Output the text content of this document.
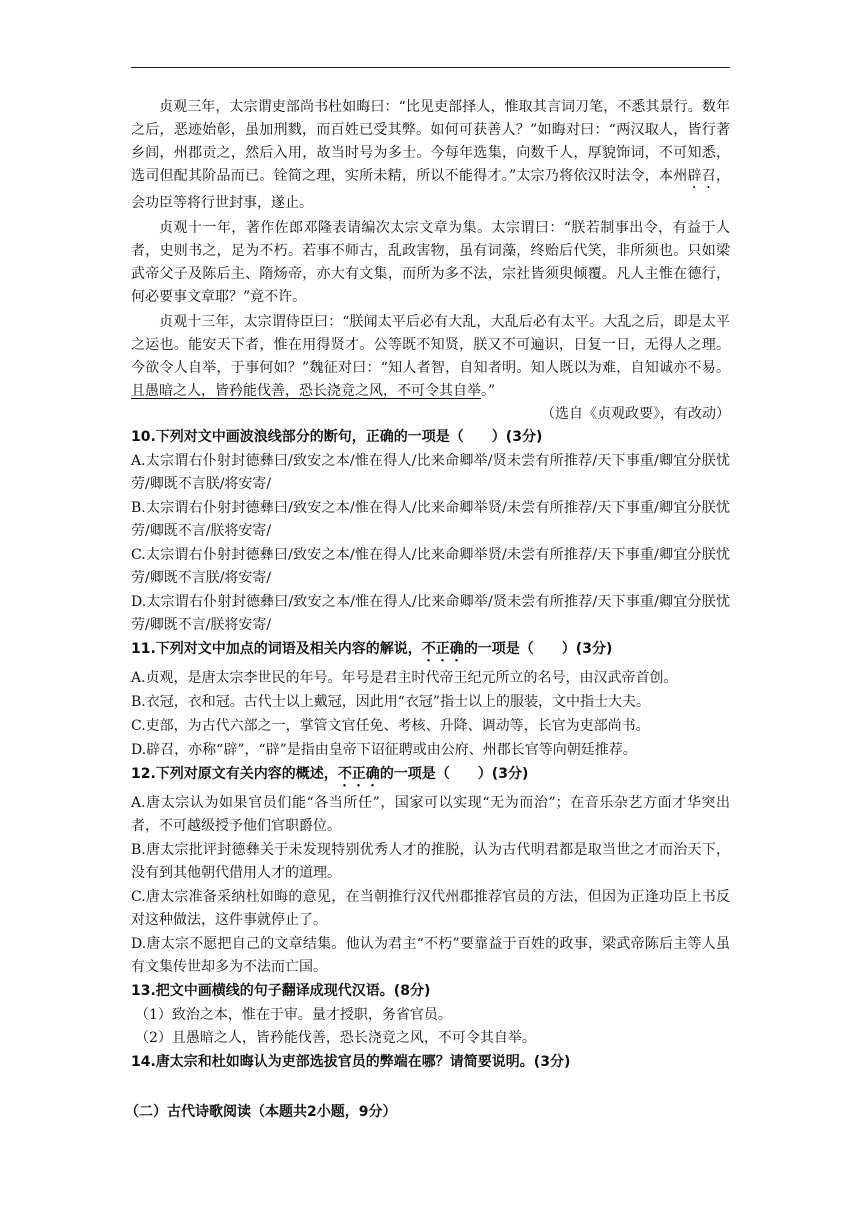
贞观三年，太宗谓吏部尚书杜如晦曰：“比见吏部择人，惟取其言词刀笔，不悉其景行。数年之后，恶迹始彰，虽加刑戮，而百姓已受其弊。如何可获善人？”如晦对曰：“两汉取人，皆行著乡闾，州郡贡之，然后入用，故当时号为多士。今每年选集，向数千人，厚貌饰词，不可知悉，选司但配其阶品而已。铨简之理，实所未精，所以不能得才。”太宗乃将依汉时法令，本州辟召，会功臣等将行世封事，遂止。

贞观十一年，著作佐郎邓隆表请编次太宗文章为集。太宗谓曰：“朕若制事出令，有益于人者，史则书之，足为不朽。若事不师古，乱政害物，虽有词藻，终贻后代笑，非所须也。只如梁武帝父子及陈后主、隋炀帝，亦大有文集，而所为多不法，宗社皆须臾倾覆。凡人主惟在德行，何必要事文章耶？”竟不许。

贞观十三年，太宗谓侍臣曰：“朕闻太平后必有大乱，大乱后必有太平。大乱之后，即是太平之运也。能安天下者，惟在用得贤才。公等既不知贤，朕又不可遍识，日复一日，无得人之理。今欲令人自举，于事何如？”魏征对曰：“知人者智，自知者明。知人既以为难，自知诚亦不易。且愚暗之人，皆矜能伐善，恐长浇竞之风，不可令其自举。”

（选自《贞观政要》，有改动）

10.下列对文中画波浪线部分的断句，正确的一项是（　　）(3分)

A.太宗谓右仆射封德彝曰/致安之本/惟在得人/比来命卿举/贤未尝有所推荐/天下事重/卿宜分朕忧劳/卿既不言朕/将安寄/

B.太宗谓右仆射封德彝曰/致安之本/惟在得人/比来命卿举贤/未尝有所推荐/天下事重/卿宜分朕忧劳/卿既不言/朕将安寄/

C.太宗谓右仆射封德彝曰/致安之本/惟在得人/比来命卿举贤/未尝有所推荐/天下事重/卿宜分朕忧劳/卿既不言朕/将安寄/

D.太宗谓右仆射封德彝曰/致安之本/惟在得人/比来命卿举/贤未尝有所推荐/天下事重/卿宜分朕忧劳/卿既不言/朕将安寄/

11.下列对文中加点的词语及相关内容的解说，不正确的一项是（　　）(3分)

A.贞观，是唐太宗李世民的年号。年号是君主时代帝王纪元所立的名号，由汉武帝首创。

B.衣冠，衣和冠。古代士以上戴冠，因此用“衣冠”指士以上的服装，文中指士大夫。

C.吏部，为古代六部之一，掌管文官任免、考核、升降、调动等，长官为吏部尚书。

D.辟召，亦称“辟”，“辟”是指由皇帝下诏征聘或由公府、州郡长官等向朝廷推荐。

12.下列对原文有关内容的概述，不正确的一项是（　　）(3分)

A.唐太宗认为如果官员们能“各当所任”，国家可以实现“无为而治”；在音乐杂艺方面才华突出者，不可越级授予他们官职爵位。

B.唐太宗批评封德彝关于未发现特别优秀人才的推脱，认为古代明君都是取当世之才而治天下，没有到其他朝代借用人才的道理。

C.唐太宗准备采纳杜如晦的意见，在当朝推行汉代州郡推荐官员的方法，但因为正逢功臣上书反对这种做法，这件事就停止了。

D.唐太宗不愿把自己的文章结集。他认为君主“不朽”要靠益于百姓的政事，梁武帝陈后主等人虽有文集传世却多为不法而亡国。

13.把文中画横线的句子翻译成现代汉语。(8分)

（1）致治之本，惟在于审。量才授职，务省官员。

（2）且愚暗之人，皆矜能伐善，恐长浇竞之风，不可令其自举。

14.唐太宗和杜如晦认为吏部选拔官员的弊端在哪？请简要说明。(3分)

（二）古代诗歌阅读（本题共2小题，9分）
